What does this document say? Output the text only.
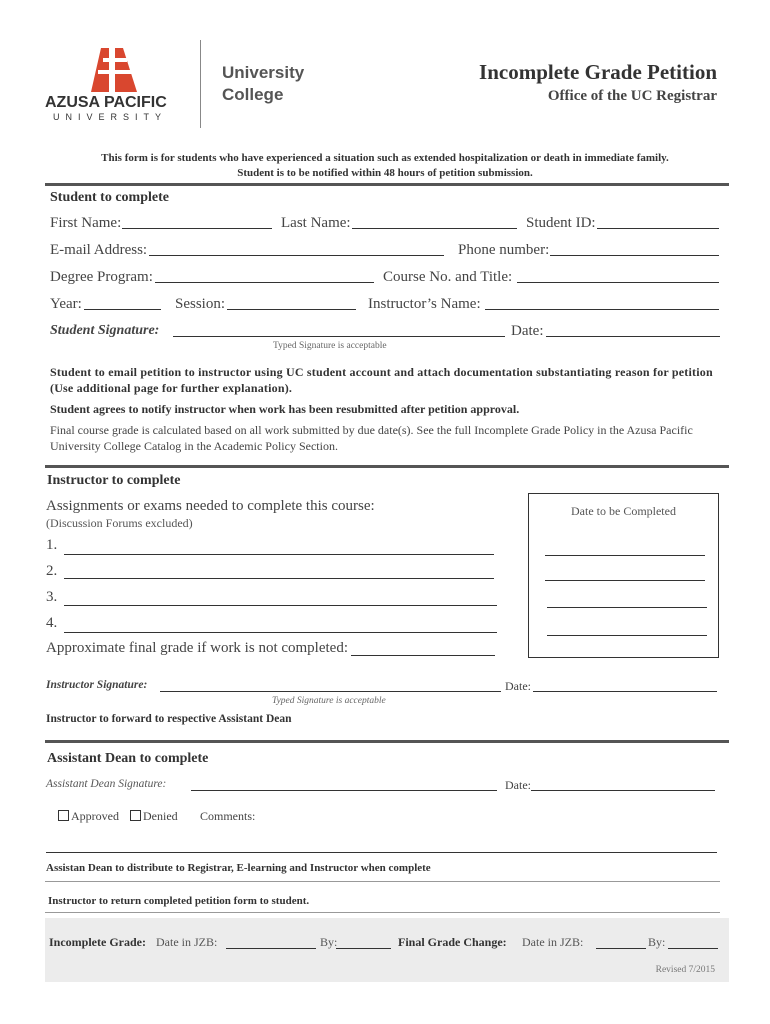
AZUSA PACIFIC
UNIVERSITY
University
College
Incomplete Grade Petition
Office of the UC Registrar
This form is for students who have experienced a situation such as extended hospitalization or death in immediate family.
Student is to be notified within 48 hours of petition submission.
Student to complete
First Name:	Last Name:	Student ID:
E-mail Address:	Phone number:
Degree Program:	Course No. and Title:
Year:	Session:	Instructor’s Name:
Student Signature:	Date:
Typed Signature is acceptable
Student to email petition to instructor using UC student account and attach documentation substantiating reason for petition (Use additional page for further explanation).
Student agrees to notify instructor when work has been resubmitted after petition approval.
Final course grade is calculated based on all work submitted by due date(s). See the full Incomplete Grade Policy in the Azusa Pacific University College Catalog in the Academic Policy Section.
Instructor to complete
Assignments or exams needed to complete this course:
(Discussion Forums excluded)
1.
2.
3.
4.
Date to be Completed
Approximate final grade if work is not completed:
Instructor Signature:	Date:
Typed Signature is acceptable
Instructor to forward to respective Assistant Dean
Assistant Dean to complete
Assistant Dean Signature:	Date:
Approved	Denied Comments:
Assistan Dean to distribute to Registrar, E-learning and Instructor when complete
Instructor to return completed petition form to student.
Incomplete Grade: Date in JZB:	By:	Final Grade Change: Date in JZB:	By:
Revised 7/2015
